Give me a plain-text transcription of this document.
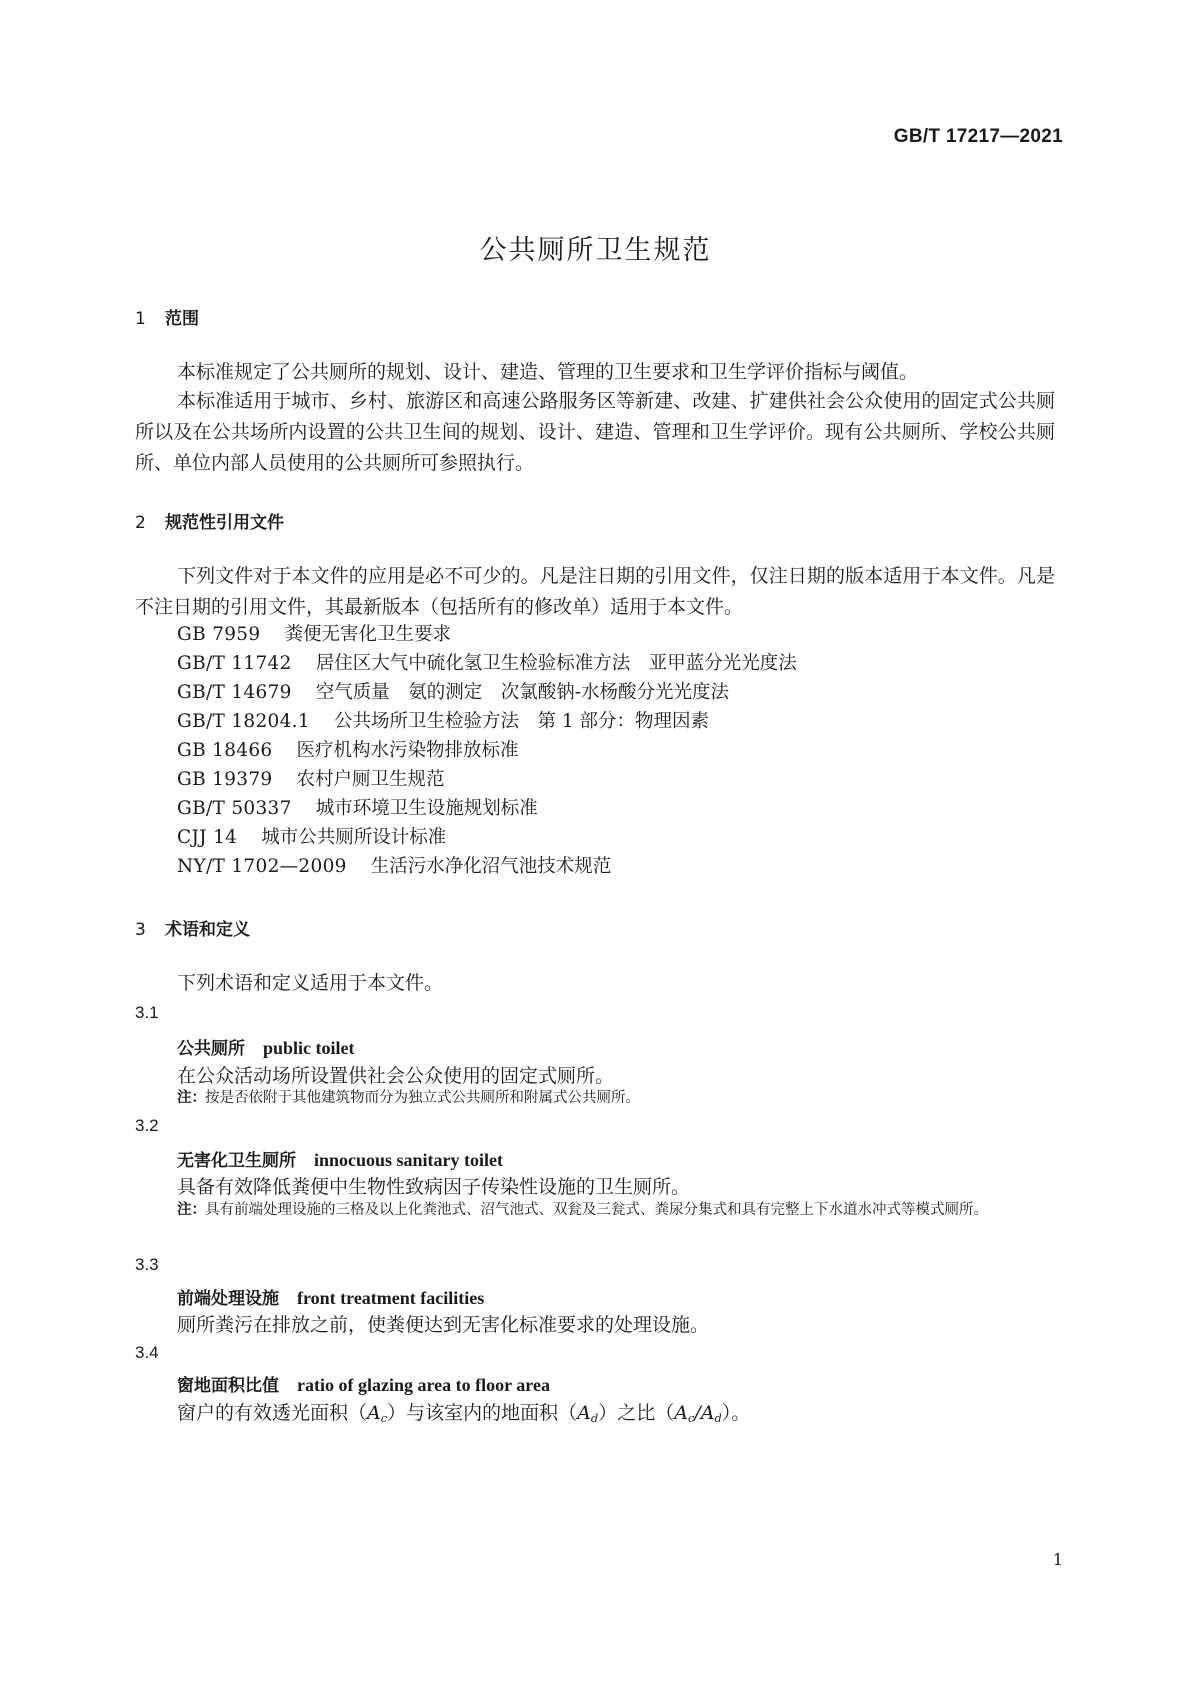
GB/T 17217—2021
公共厕所卫生规范
1 范围

本标准规定了公共厕所的规划、设计、建造、管理的卫生要求和卫生学评价指标与阈值。

本标准适用于城市、乡村、旅游区和高速公路服务区等新建、改建、扩建供社会公众使用的固定式公共厕所以及在公共场所内设置的公共卫生间的规划、设计、建造、管理和卫生学评价。现有公共厕所、学校公共厕所、单位内部人员使用的公共厕所可参照执行。

2 规范性引用文件

下列文件对于本文件的应用是必不可少的。凡是注日期的引用文件，仅注日期的版本适用于本文件。凡是不注日期的引用文件，其最新版本（包括所有的修改单）适用于本文件。

GB 7959 粪便无害化卫生要求
GB/T 11742 居住区大气中硫化氢卫生检验标准方法　亚甲蓝分光光度法
GB/T 14679 空气质量　氨的测定　次氯酸钠-水杨酸分光光度法
GB/T 18204.1 公共场所卫生检验方法　第 1 部分：物理因素
GB 18466 医疗机构水污染物排放标准
GB 19379 农村户厕卫生规范
GB/T 50337 城市环境卫生设施规划标准
CJJ 14 城市公共厕所设计标准
NY/T 1702—2009 生活污水净化沼气池技术规范
3 术语和定义

下列术语和定义适用于本文件。

3.1
公共厕所 public toilet
在公众活动场所设置供社会公众使用的固定式厕所。
注： 按是否依附于其他建筑物而分为独立式公共厕所和附属式公共厕所。
3.2
无害化卫生厕所 innocuous sanitary toilet
具备有效降低粪便中生物性致病因子传染性设施的卫生厕所。
注： 具有前端处理设施的三格及以上化粪池式、沼气池式、双瓮及三瓮式、粪尿分集式和具有完整上下水道水冲式等模式厕所。
3.3
前端处理设施 front treatment facilities
厕所粪污在排放之前，使粪便达到无害化标准要求的处理设施。
3.4
窗地面积比值 ratio of glazing area to floor area
窗户的有效透光面积$(A_c)$与该室内的地面积$(A_d)$之比$(A_c/A_d)$。
1
